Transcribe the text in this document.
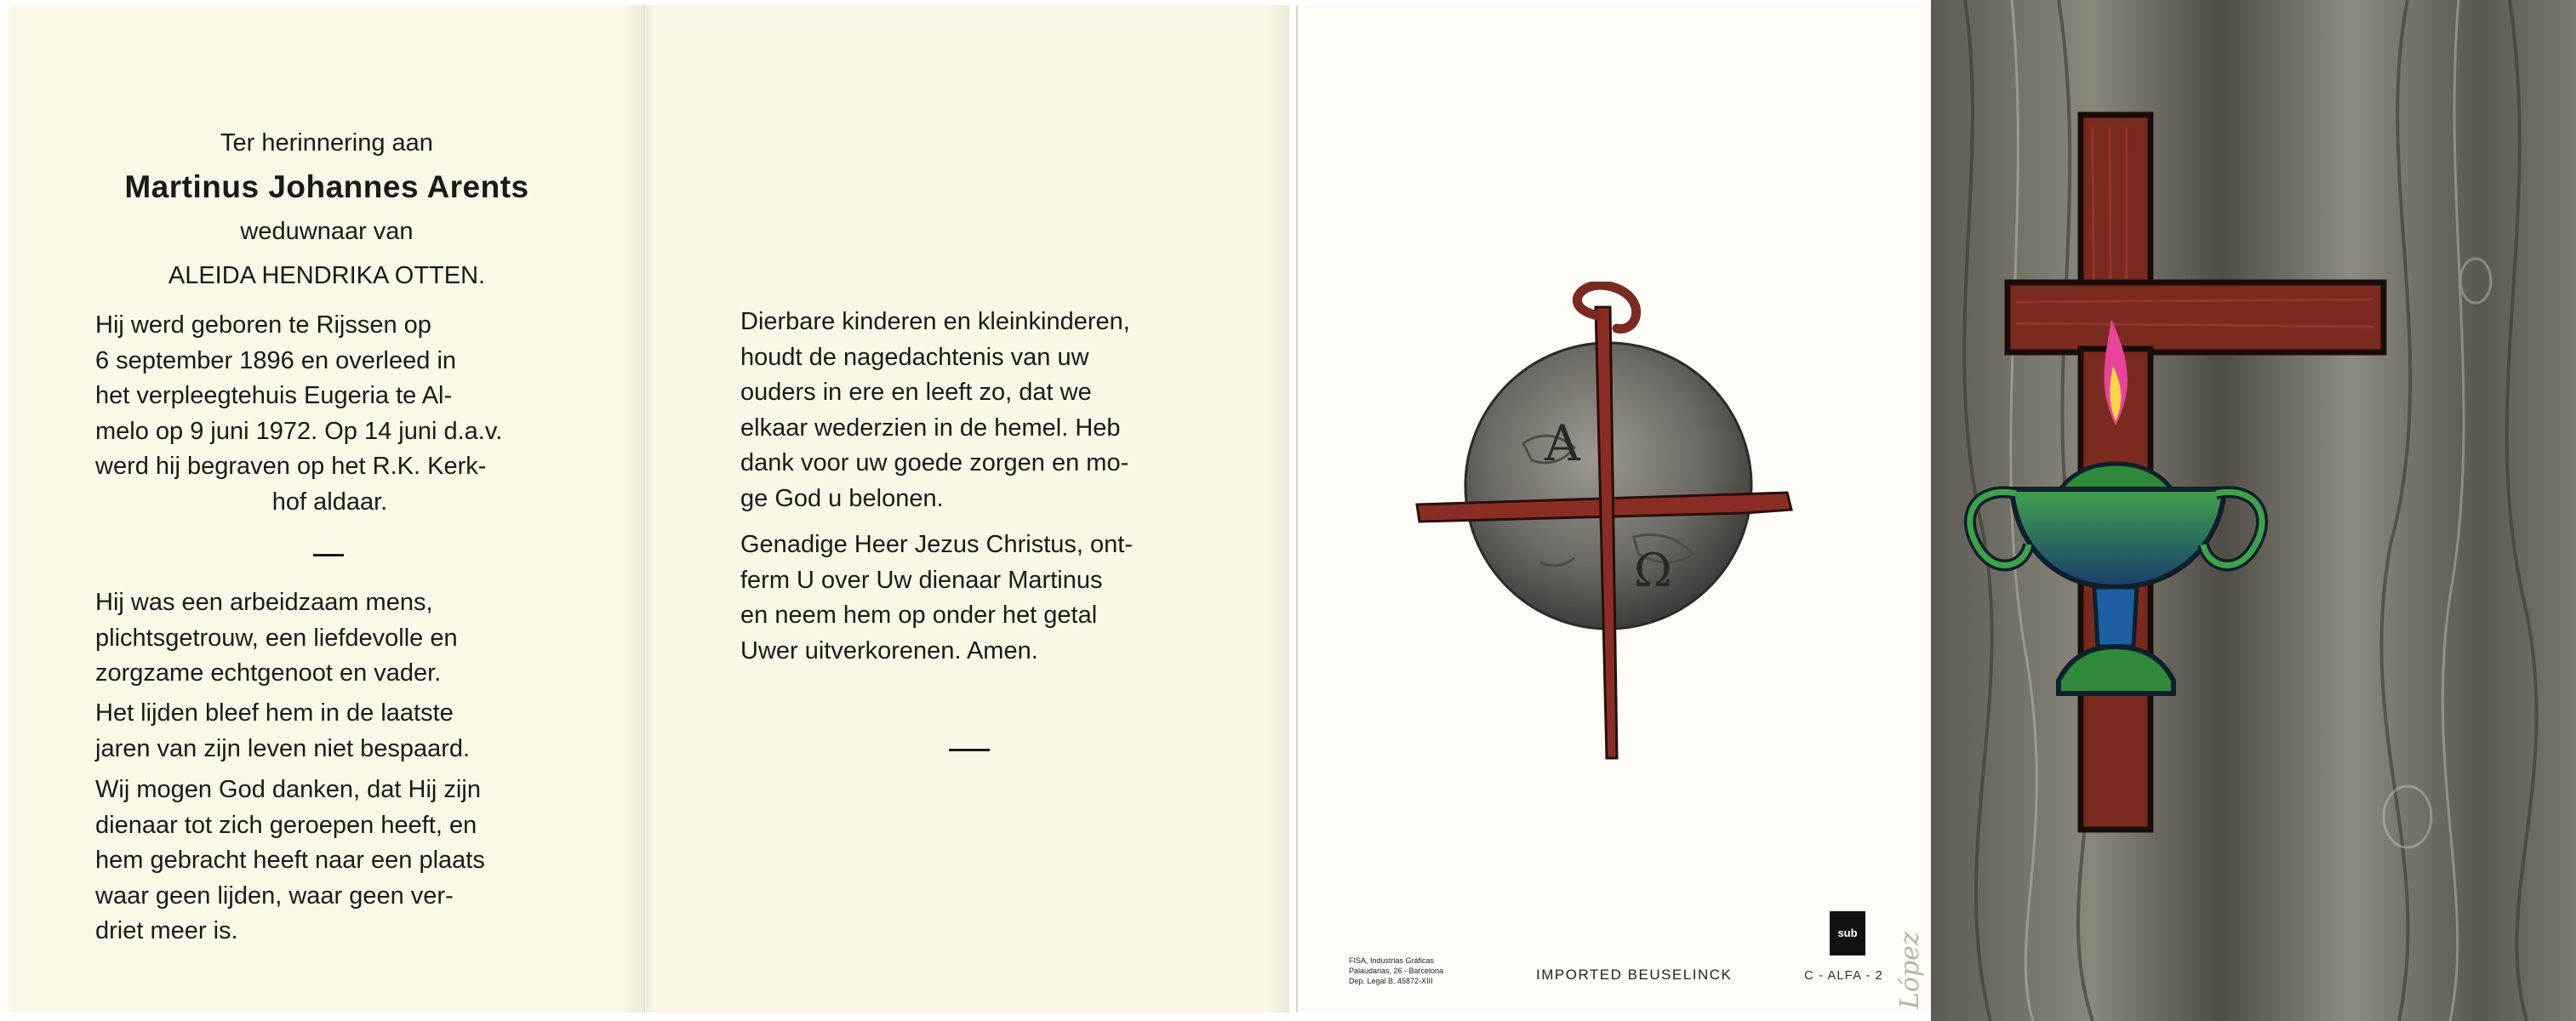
Ter herinnering aan
Martinus Johannes Arents
weduwnaar van
ALEIDA HENDRIKA OTTEN.
Hij werd geboren te Rijssen op
6 september 1896 en overleed in
het verpleegtehuis Eugeria te Al-
melo op 9 juni 1972. Op 14 juni d.a.v.
werd hij begraven op het R.K. Kerk-
hof aldaar.
Hij was een arbeidzaam mens,
plichtsgetrouw, een liefdevolle en
zorgzame echtgenoot en vader.
Het lijden bleef hem in de laatste
jaren van zijn leven niet bespaard.
Wij mogen God danken, dat Hij zijn
dienaar tot zich geroepen heeft, en
hem gebracht heeft naar een plaats
waar geen lijden, waar geen ver-
driet meer is.
Dierbare kinderen en kleinkinderen,
houdt de nagedachtenis van uw
ouders in ere en leeft zo, dat we
elkaar wederzien in de hemel. Heb
dank voor uw goede zorgen en mo-
ge God u belonen.
Genadige Heer Jezus Christus, ont-
ferm U over Uw dienaar Martinus
en neem hem op onder het getal
Uwer uitverkorenen. Amen.
A
Ω
FISA, Industrias Gráficas
Palaudarias, 26 - Barcelona
Dep. Legal B. 45872-XIII	IMPORTED BEUSELINCK	C - ALFA - 2
sub	López
